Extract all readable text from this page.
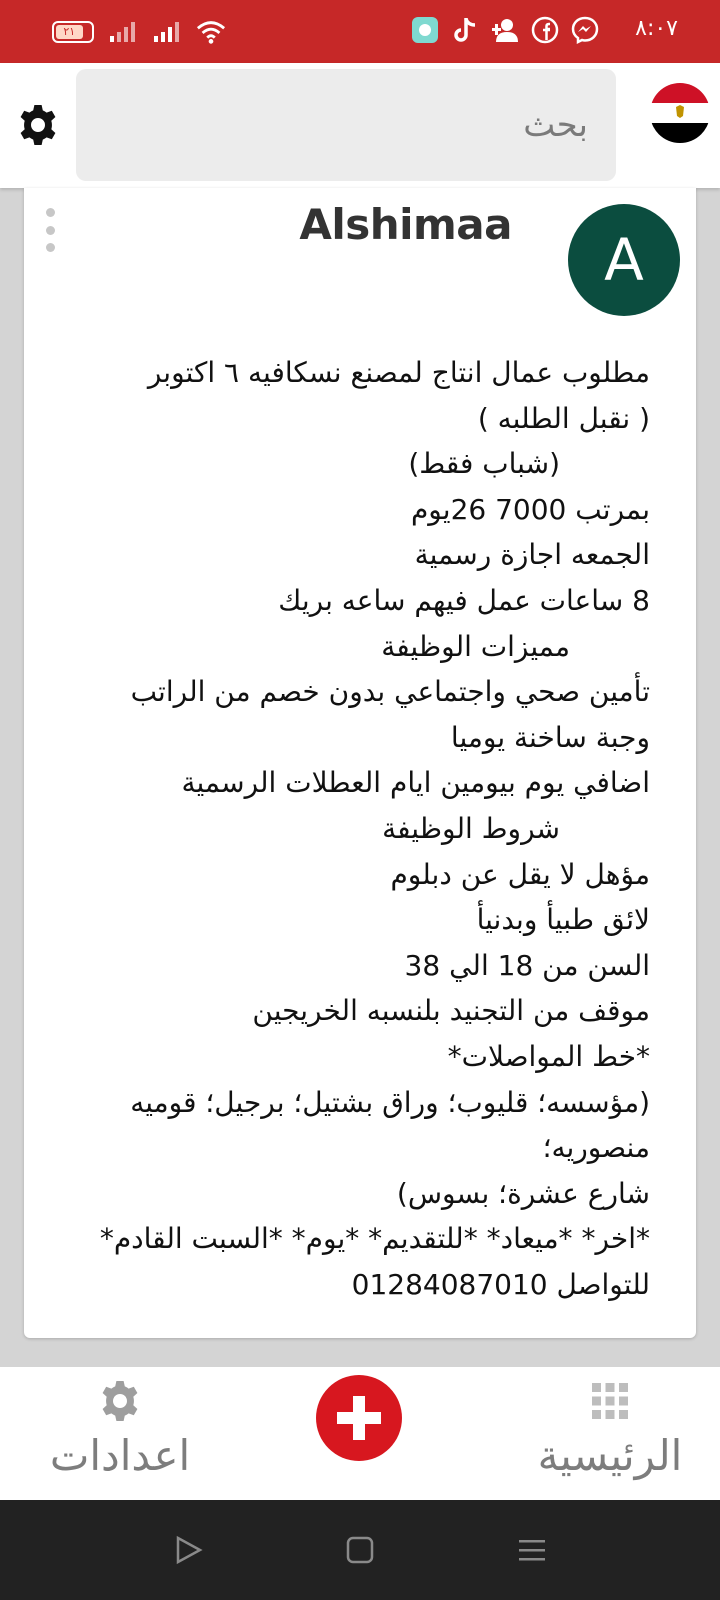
٢١	٨:٠٧
بحث
Alshimaa
A
مطلوب عمال انتاج لمصنع نسكافيه ٦ اكتوبر
( نقبل الطلبه )
(شباب فقط)
بمرتب 7000 26يوم
الجمعه اجازة رسمية
8 ساعات عمل فيهم ساعه بريك
مميزات الوظيفة
تأمين صحي واجتماعي بدون خصم من الراتب
وجبة ساخنة يوميا
اضافي يوم بيومين ايام العطلات الرسمية
شروط الوظيفة
مؤهل لا يقل عن دبلوم
لائق طبيأ وبدنيأ
السن من 18 الي 38
موقف من التجنيد بلنسبه الخريجين
*خط المواصلات*
(مؤسسه؛ قليوب؛ وراق بشتيل؛ برجيل؛ قوميه
منصوريه؛
شارع عشرة؛ بسوس)
*اخر* *ميعاد* *للتقديم* *يوم* *السبت القادم*
للتواصل 01284087010
اعدادات	الرئيسية
